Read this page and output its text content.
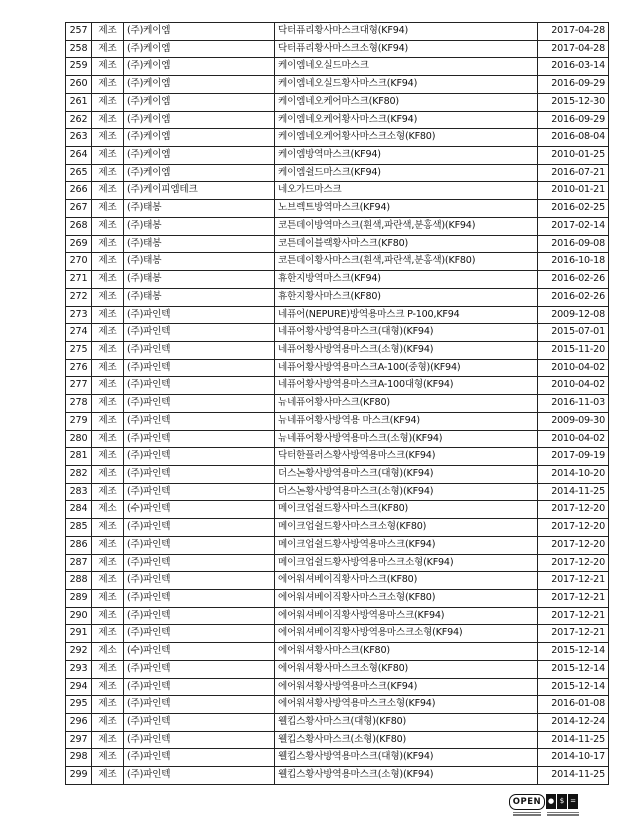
257	제조	(주)케이엠	닥터퓨리황사마스크대형(KF94)	2017-04-28
258	제조	(주)케이엠	닥터퓨리황사마스크소형(KF94)	2017-04-28
259	제조	(주)케이엠	케이엠네오실드마스크	2016-03-14
260	제조	(주)케이엠	케이엠네오실드황사마스크(KF94)	2016-09-29
261	제조	(주)케이엠	케이엠네오케어마스크(KF80)	2015-12-30
262	제조	(주)케이엠	케이엠네오케어황사마스크(KF94)	2016-09-29
263	제조	(주)케이엠	케이엠네오케어황사마스크소형(KF80)	2016-08-04
264	제조	(주)케이엠	케이엠방역마스크(KF94)	2010-01-25
265	제조	(주)케이엠	케이엠쉴드마스크(KF94)	2016-07-21
266	제조	(주)케이피엠테크	네오가드마스크	2010-01-21
267	제조	(주)태봉	노브렉트방역마스크(KF94)	2016-02-25
268	제조	(주)태봉	코튼데이방역마스크(흰색,파란색,분홍색)(KF94)	2017-02-14
269	제조	(주)태봉	코튼데이블랙황사마스크(KF80)	2016-09-08
270	제조	(주)태봉	코튼데이황사마스크(흰색,파란색,분홍색)(KF80)	2016-10-18
271	제조	(주)태봉	휴한지방역마스크(KF94)	2016-02-26
272	제조	(주)태봉	휴한지황사마스크(KF80)	2016-02-26
273	제조	(주)파인텍	네퓨어(NEPURE)방역용마스크 P-100,KF94	2009-12-08
274	제조	(주)파인텍	네퓨어황사방역용마스크(대형)(KF94)	2015-07-01
275	제조	(주)파인텍	네퓨어황사방역용마스크(소형)(KF94)	2015-11-20
276	제조	(주)파인텍	네퓨어황사방역용마스크A-100(중형)(KF94)	2010-04-02
277	제조	(주)파인텍	네퓨어황사방역용마스크A-100대형(KF94)	2010-04-02
278	제조	(주)파인텍	뉴네퓨어황사마스크(KF80)	2016-11-03
279	제조	(주)파인텍	뉴네퓨어황사방역용 마스크(KF94)	2009-09-30
280	제조	(주)파인텍	뉴네퓨어황사방역용마스크(소형)(KF94)	2010-04-02
281	제조	(주)파인텍	닥터한플러스황사방역용마스크(KF94)	2017-09-19
282	제조	(주)파인텍	더스논황사방역용마스크(대형)(KF94)	2014-10-20
283	제조	(주)파인텍	더스논황사방역용마스크(소형)(KF94)	2014-11-25
284	제소	(수)파인텍	메이크업쉴드황사마스크(KF80)	2017-12-20
285	제조	(주)파인텍	메이크업쉴드황사마스크소형(KF80)	2017-12-20
286	제조	(주)파인텍	메이크업쉴드황사방역용마스크(KF94)	2017-12-20
287	제조	(주)파인텍	메이크업쉴드황사방역용마스크소형(KF94)	2017-12-20
288	제조	(주)파인텍	에어워셔베이직황사마스크(KF80)	2017-12-21
289	제조	(주)파인텍	에어워셔베이직황사마스크소형(KF80)	2017-12-21
290	제조	(주)파인텍	에어워셔베이직황사방역용마스크(KF94)	2017-12-21
291	제조	(주)파인텍	에어워셔베이직황사방역용마스크소형(KF94)	2017-12-21
292	제소	(수)파인텍	에어워셔황사마스크(KF80)	2015-12-14
293	제조	(주)파인텍	에어워셔황사마스크소형(KF80)	2015-12-14
294	제조	(주)파인텍	에어워셔황사방역용마스크(KF94)	2015-12-14
295	제조	(주)파인텍	에어워셔황사방역용마스크소형(KF94)	2016-01-08
296	제조	(주)파인텍	웰킵스황사마스크(대형)(KF80)	2014-12-24
297	제조	(주)파인텍	웰킵스황사마스크(소형)(KF80)	2014-11-25
298	제조	(주)파인텍	웰킵스황사방역용마스크(대형)(KF94)	2014-10-17
299	제조	(주)파인텍	웰킵스황사방역용마스크(소형)(KF94)	2014-11-25
OPEN ● $ =
